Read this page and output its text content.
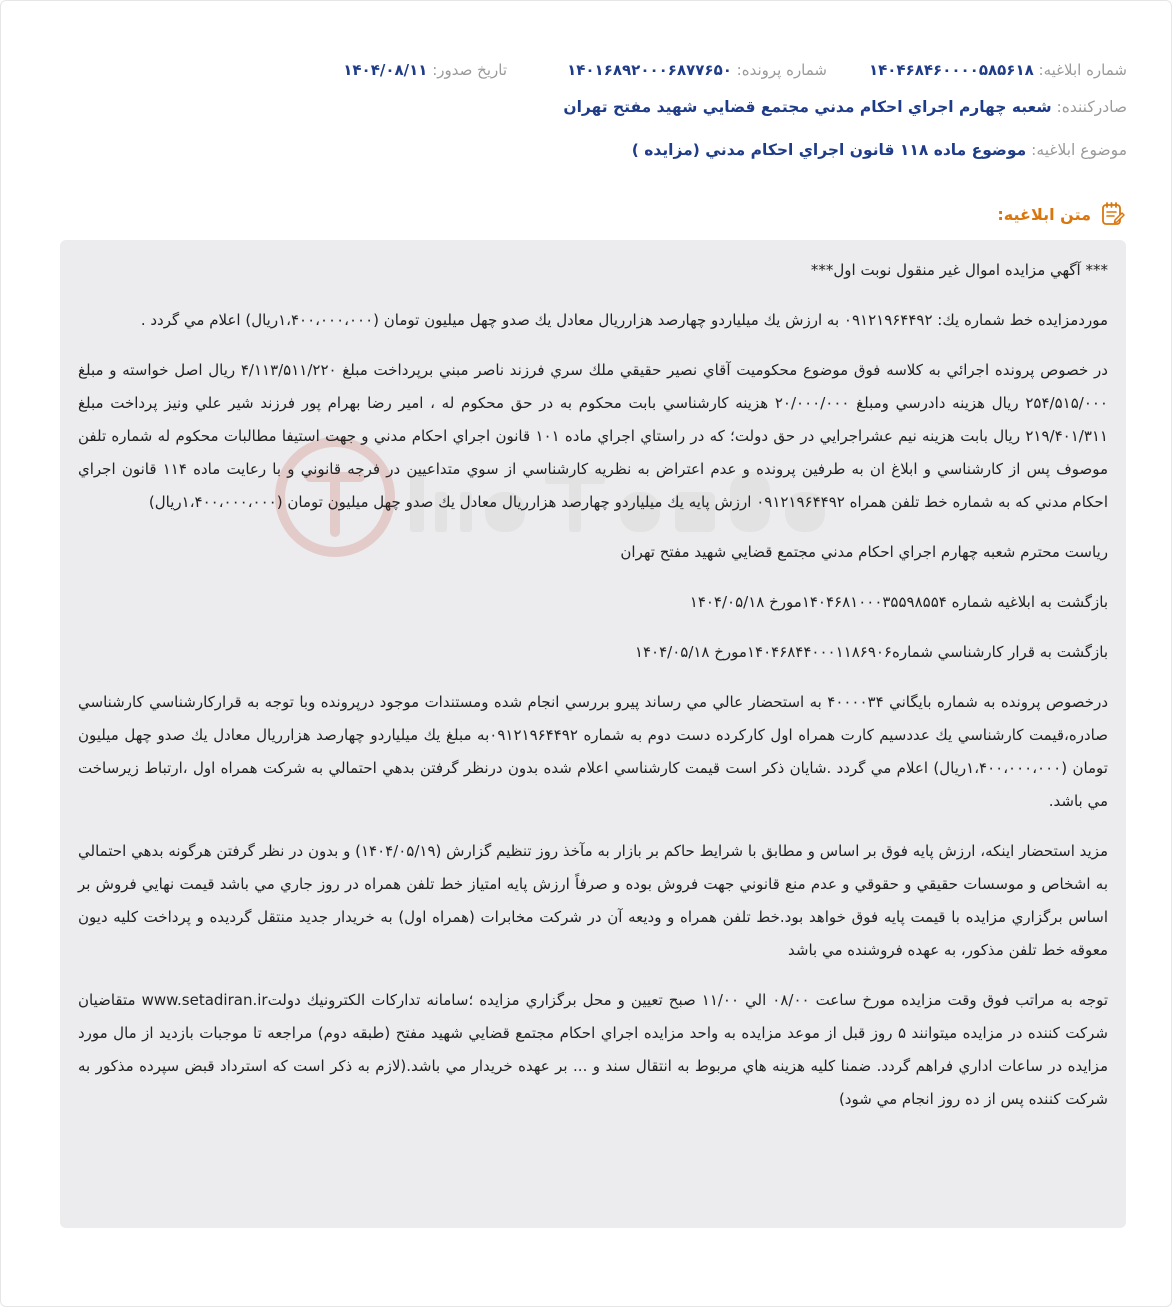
شماره ابلاغيه: ۱۴۰۴۶۸۴۶۰۰۰۰۵۸۵۶۱۸
شماره پرونده: ۱۴۰۱۶۸۹۲۰۰۰۶۸۷۷۶۵۰
تاريخ صدور: ۱۴۰۴/۰۸/۱۱
صادرکننده: شعبه چهارم اجراي احكام مدني مجتمع قضايي شهيد مفتح تهران
موضوع ابلاغيه: موضوع ماده ۱۱۸ قانون اجراي احكام مدني (مزايده )
متن ابلاغيه:

*** آگهي مزايده اموال غير منقول نوبت اول***

موردمزايده خط شماره يك: ۰۹۱۲۱۹۶۴۴۹۲ به ارزش يك ميلياردو چهارصد هزارريال معادل يك صدو چهل ميليون تومان (۱،۴۰۰،۰۰۰،۰۰۰ريال) اعلام مي گردد .

در خصوص پرونده اجرائي به كلاسه فوق موضوع محكوميت آقاي نصير حقيقي ملك سري فرزند ناصر مبني برپرداخت مبلغ ۴/۱۱۳/۵۱۱/۲۲۰ ريال اصل خواسته و مبلغ ۲۵۴/۵۱۵/۰۰۰ ريال هزينه دادرسي ومبلغ ۲۰/۰۰۰/۰۰۰ هزينه كارشناسي بابت محكوم به در حق محكوم له ، امير رضا بهرام پور فرزند شير علي ونيز پرداخت مبلغ ۲۱۹/۴۰۱/۳۱۱ ريال بابت هزينه نيم عشراجرايي در حق دولت؛ كه در راستاي اجراي ماده ۱۰۱ قانون اجراي احكام مدني و جهت استيفا مطالبات محكوم له شماره تلفن موصوف پس از كارشناسي و ابلاغ ان به طرفين پرونده و عدم اعتراض به نظريه كارشناسي از سوي متداعيين در فرجه قانوني و با رعايت ماده ۱۱۴ قانون اجراي احكام مدني كه به شماره خط تلفن همراه ۰۹۱۲۱۹۶۴۴۹۲ ارزش پايه يك ميلياردو چهارصد هزارريال معادل يك صدو چهل ميليون تومان (۱،۴۰۰،۰۰۰،۰۰۰ريال)

رياست محترم شعبه چهارم اجراي احكام مدني مجتمع قضايي شهيد مفتح تهران

بازگشت به ابلاغيه شماره ۱۴۰۴۶۸۱۰۰۰۳۵۵۹۸۵۵۴مورخ ۱۴۰۴/۰۵/۱۸

بازگشت به قرار كارشناسي شماره۱۴۰۴۶۸۴۴۰۰۰۱۱۸۶۹۰۶مورخ ۱۴۰۴/۰۵/۱۸

درخصوص پرونده به شماره بايگاني ۴۰۰۰۰۳۴ به استحضار عالي مي رساند پيرو بررسي انجام شده ومستندات موجود درپرونده وبا توجه به قراركارشناسي كارشناسي صادره،قيمت كارشناسي يك عددسيم كارت همراه اول كاركرده دست دوم به شماره ۰۹۱۲۱۹۶۴۴۹۲به مبلغ يك ميلياردو چهارصد هزارريال معادل يك صدو چهل ميليون تومان (۱،۴۰۰،۰۰۰،۰۰۰ريال) اعلام مي گردد .شايان ذكر است قيمت كارشناسي اعلام شده بدون درنظر گرفتن بدهي احتمالي به شركت همراه اول ،ارتباط زيرساخت مي باشد.

مزيد استحضار اينكه، ارزش پايه فوق بر اساس و مطابق با شرايط حاكم بر بازار به مآخذ روز تنظيم گزارش (۱۴۰۴/۰۵/۱۹) و بدون در نظر گرفتن هرگونه بدهي احتمالي به اشخاص و موسسات حقيقي و حقوقي و عدم منع قانوني جهت فروش بوده و صرفاً ارزش پايه امتياز خط تلفن همراه در روز جاري مي باشد قيمت نهايي فروش بر اساس برگزاري مزايده با قيمت پايه فوق خواهد بود.خط تلفن همراه و وديعه آن در شركت مخابرات (همراه اول) به خريدار جديد منتقل گرديده و پرداخت كليه ديون معوقه خط تلفن مذكور، به عهده فروشنده مي باشد

توجه به مراتب فوق وقت مزايده مورخ ساعت ۰۸/۰۰ الي ۱۱/۰۰ صبح تعيين و محل برگزاري مزايده ؛سامانه تداركات الكترونيك دولتwww.setadiran.ir متقاضيان شركت كننده در مزايده ميتوانند ۵ روز قبل از موعد مزايده به واحد مزايده اجراي احكام مجتمع قضايي شهيد مفتح (طبقه دوم) مراجعه تا موجبات بازديد از مال مورد مزايده در ساعات اداري فراهم گردد. ضمنا كليه هزينه هاي مربوط به انتقال سند و ... بر عهده خريدار مي باشد.(لازم به ذكر است كه استرداد قبض سپرده مذكور به شركت كننده پس از ده روز انجام مي شود)
